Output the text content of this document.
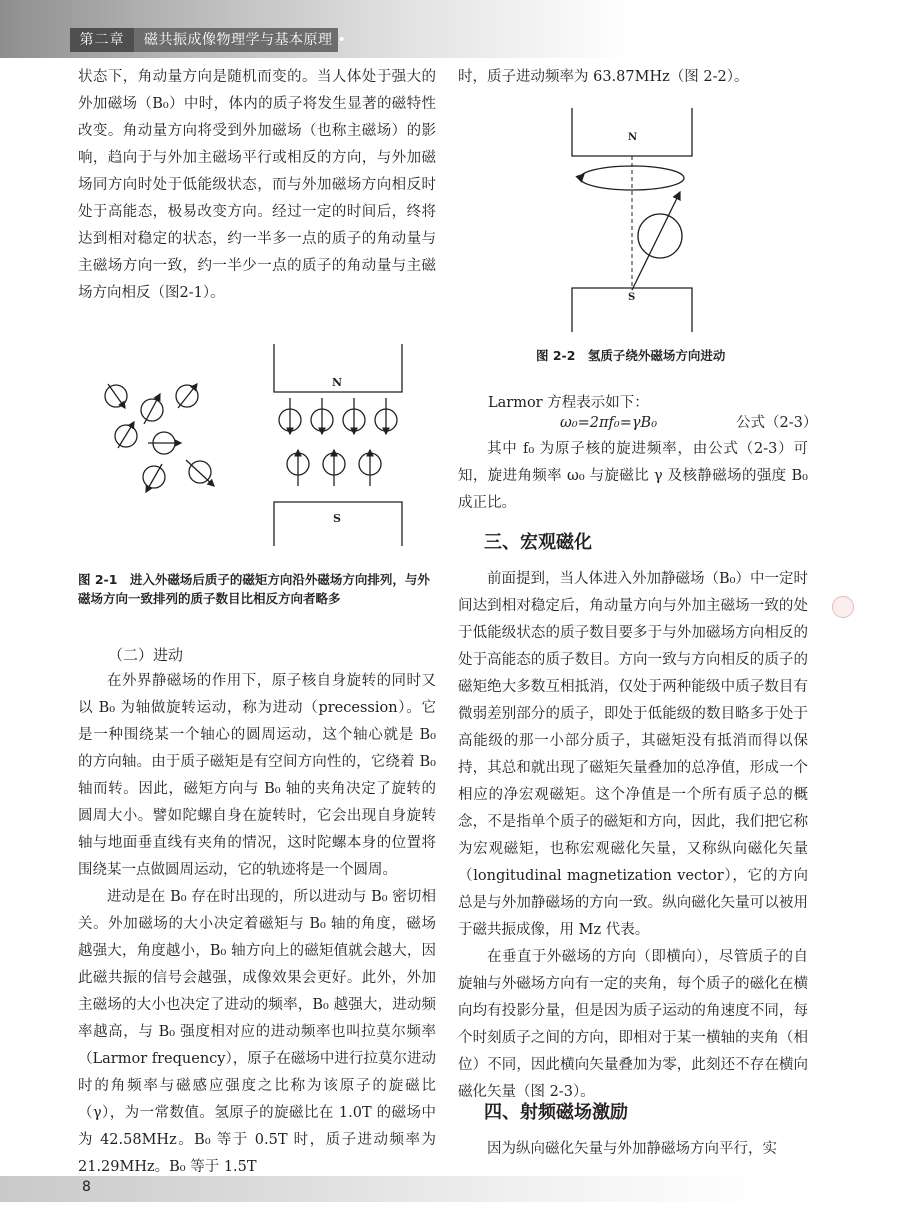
第二章	磁共振成像物理学与基本原理 •

状态下，角动量方向是随机而变的。当人体处于强大的外加磁场（B₀）中时，体内的质子将发生显著的磁特性改变。角动量方向将受到外加磁场（也称主磁场）的影响，趋向于与外加主磁场平行或相反的方向，与外加磁场同方向时处于低能级状态，而与外加磁场方向相反时处于高能态，极易改变方向。经过一定的时间后，终将达到相对稳定的状态，约一半多一点的质子的角动量与主磁场方向一致，约一半少一点的质子的角动量与主磁场方向相反（图2-1）。

N
S
图 2-1　进入外磁场后质子的磁矩方向沿外磁场方向排列，与外磁场方向一致排列的质子数目比相反方向者略多
（二）进动

在外界静磁场的作用下，原子核自身旋转的同时又以 B₀ 为轴做旋转运动，称为进动（precession）。它是一种围绕某一个轴心的圆周运动，这个轴心就是 B₀ 的方向轴。由于质子磁矩是有空间方向性的，它绕着 B₀ 轴而转。因此，磁矩方向与 B₀ 轴的夹角决定了旋转的圆周大小。譬如陀螺自身在旋转时，它会出现自身旋转轴与地面垂直线有夹角的情况，这时陀螺本身的位置将围绕某一点做圆周运动，它的轨迹将是一个圆周。

进动是在 B₀ 存在时出现的，所以进动与 B₀ 密切相关。外加磁场的大小决定着磁矩与 B₀ 轴的角度，磁场越强大，角度越小，B₀ 轴方向上的磁矩值就会越大，因此磁共振的信号会越强，成像效果会更好。此外，外加主磁场的大小也决定了进动的频率，B₀ 越强大，进动频率越高，与 B₀ 强度相对应的进动频率也叫拉莫尔频率（Larmor frequency），原子在磁场中进行拉莫尔进动时的角频率与磁感应强度之比称为该原子的旋磁比（γ），为一常数值。氢原子的旋磁比在 1.0T 的磁场中为 42.58MHz。B₀ 等于 0.5T 时，质子进动频率为 21.29MHz。B₀ 等于 1.5T

时，质子进动频率为 63.87MHz（图 2-2）。

N
S
图 2-2　氢质子绕外磁场方向进动
Larmor 方程表示如下：
ω₀=2πf₀=γB₀	公式（2-3）

其中 f₀ 为原子核的旋进频率，由公式（2-3）可知，旋进角频率 ω₀ 与旋磁比 γ 及核静磁场的强度 B₀ 成正比。

三、宏观磁化

前面提到，当人体进入外加静磁场（B₀）中一定时间达到相对稳定后，角动量方向与外加主磁场一致的处于低能级状态的质子数目要多于与外加磁场方向相反的处于高能态的质子数目。方向一致与方向相反的质子的磁矩绝大多数互相抵消，仅处于两种能级中质子数目有微弱差别部分的质子，即处于低能级的数目略多于处于高能级的那一小部分质子，其磁矩没有抵消而得以保持，其总和就出现了磁矩矢量叠加的总净值，形成一个相应的净宏观磁矩。这个净值是一个所有质子总的概念，不是指单个质子的磁矩和方向，因此，我们把它称为宏观磁矩，也称宏观磁化矢量，又称纵向磁化矢量（longitudinal magnetization vector），它的方向总是与外加静磁场的方向一致。纵向磁化矢量可以被用于磁共振成像，用 Mz 代表。

在垂直于外磁场的方向（即横向），尽管质子的自旋轴与外磁场方向有一定的夹角，每个质子的磁化在横向均有投影分量，但是因为质子运动的角速度不同，每个时刻质子之间的方向，即相对于某一横轴的夹角（相位）不同，因此横向矢量叠加为零，此刻还不存在横向磁化矢量（图 2-3）。

四、射频磁场激励

因为纵向磁化矢量与外加静磁场方向平行，实

8
